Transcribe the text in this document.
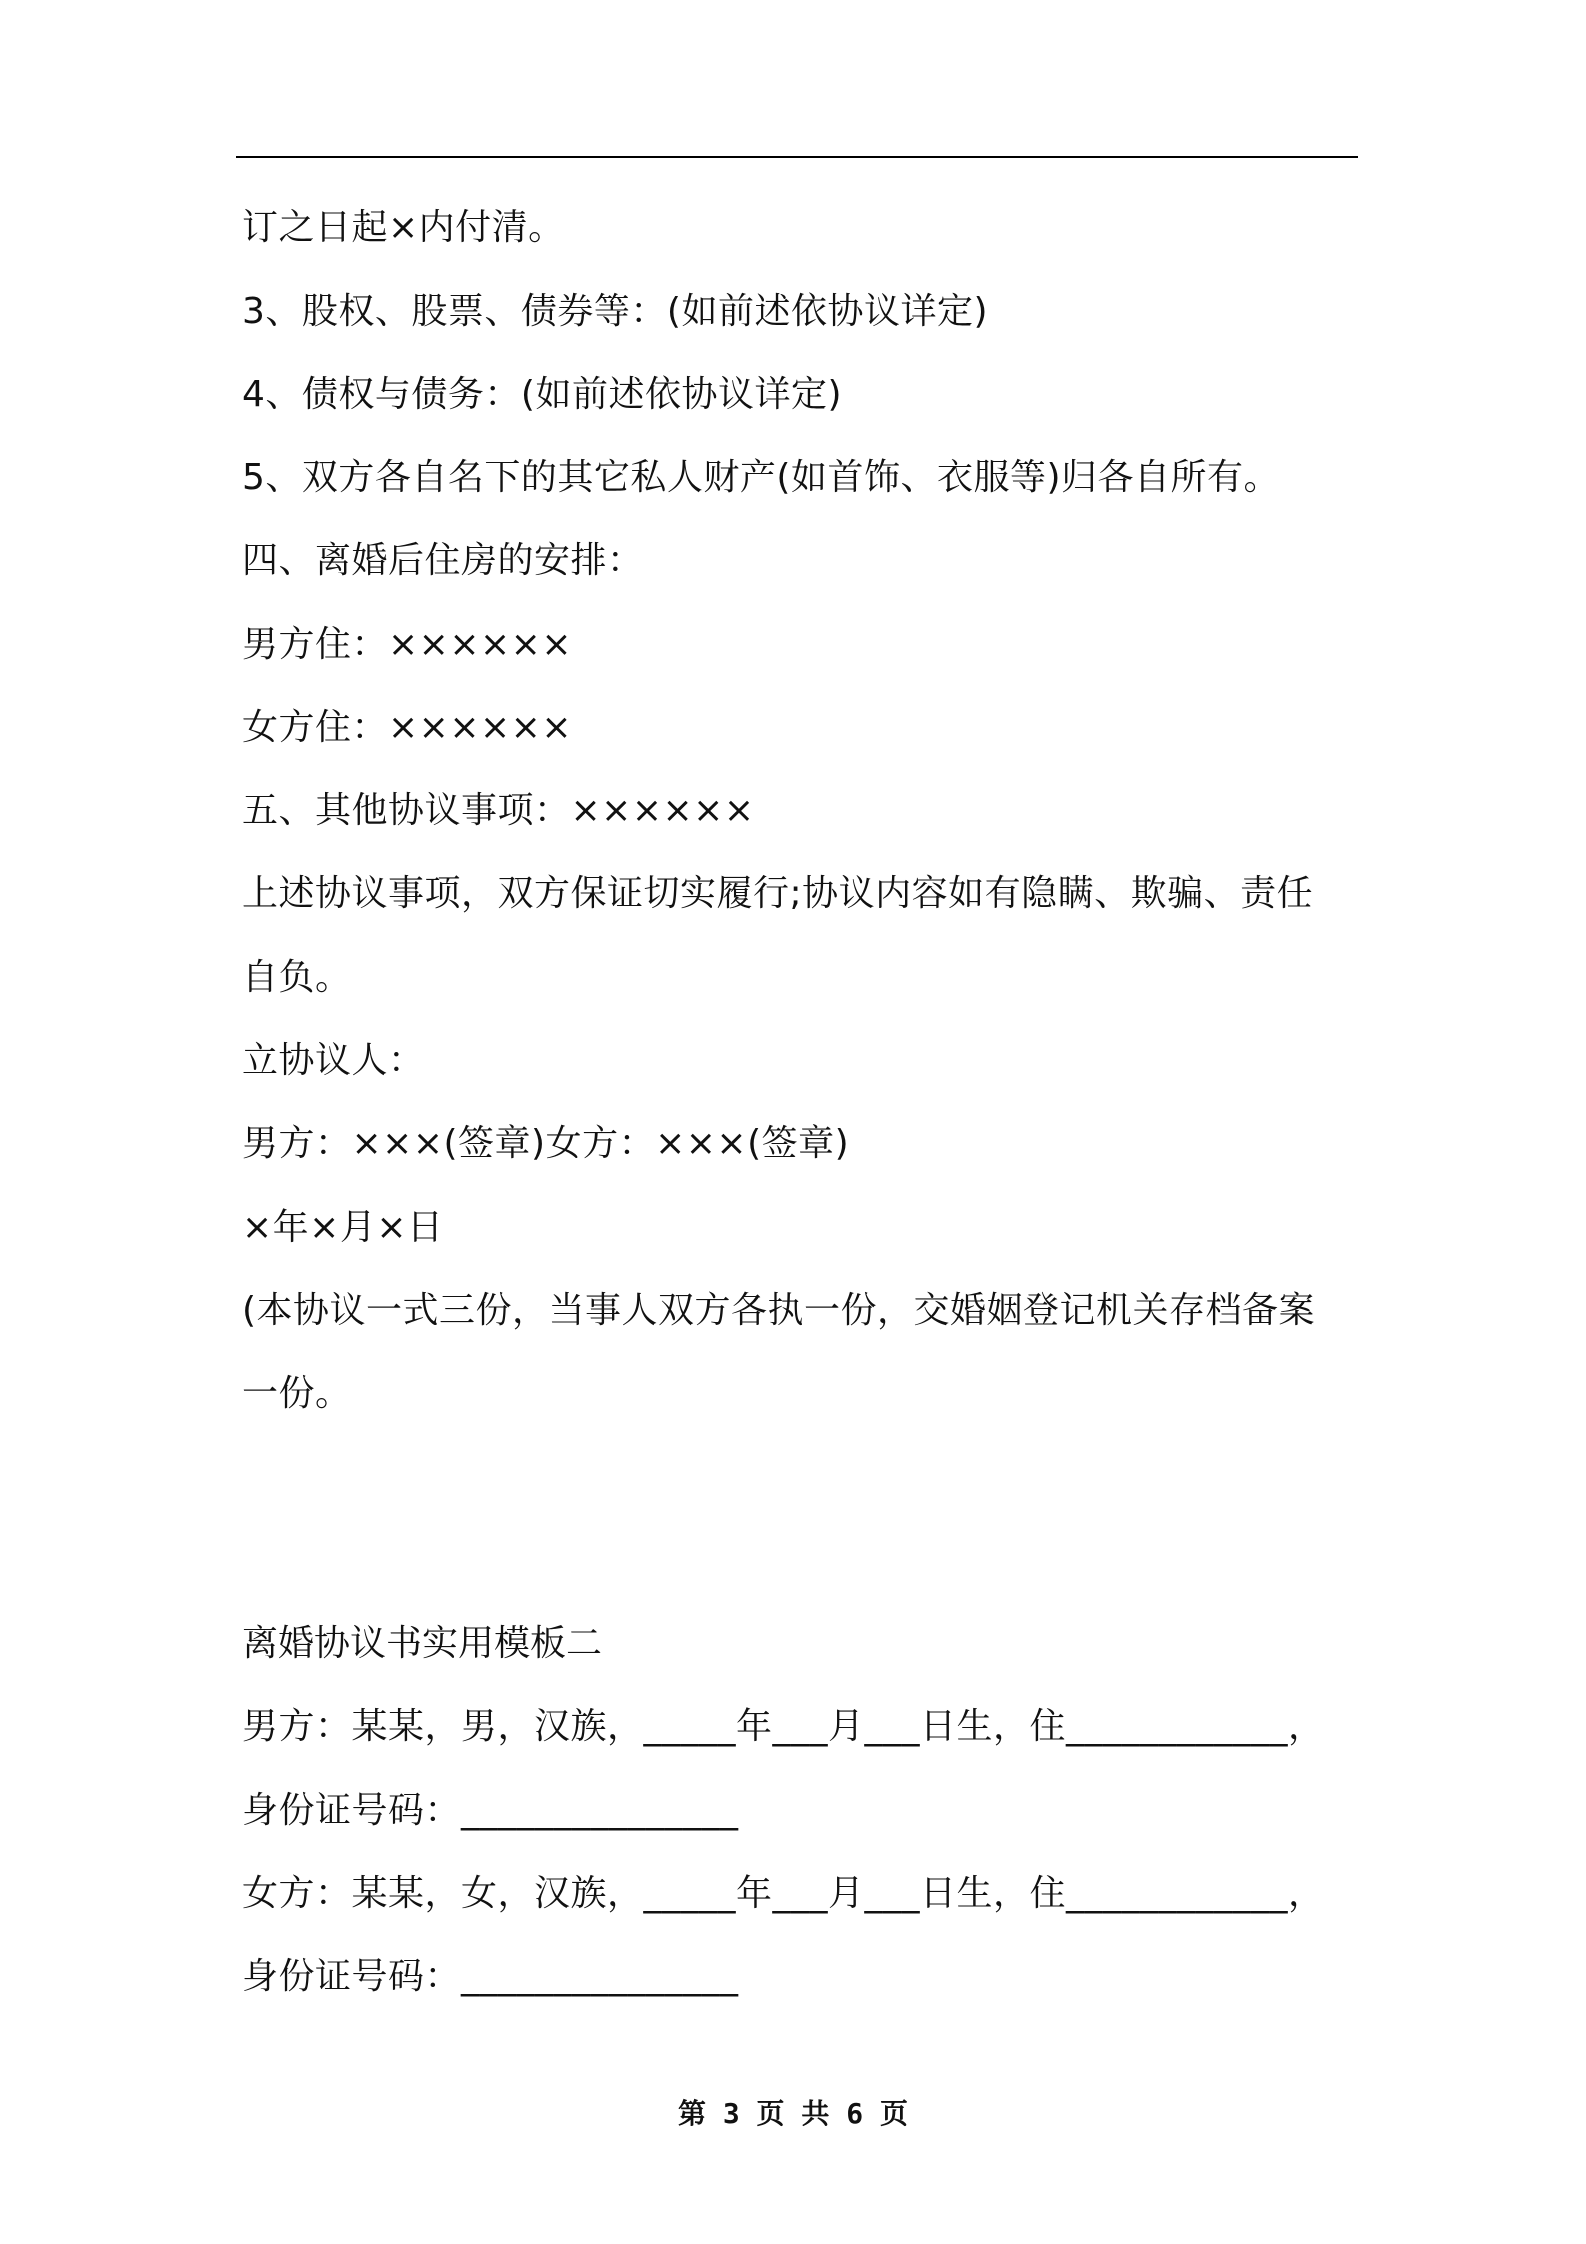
订之日起×内付清。
3、股权、股票、债券等：(如前述依协议详定)
4、债权与债务：(如前述依协议详定)
5、双方各自名下的其它私人财产(如首饰、衣服等)归各自所有。
四、离婚后住房的安排：
男方住：××××××
女方住：××××××
五、其他协议事项：××××××
上述协议事项，双方保证切实履行;协议内容如有隐瞒、欺骗、责任
自负。
立协议人：
男方：×××(签章)女方：×××(签章)
×年×月×日
(本协议一式三份，当事人双方各执一份，交婚姻登记机关存档备案
一份。
离婚协议书实用模板二
男方：某某，男，汉族，_____年___月___日生，住____________，
身份证号码：_______________
女方：某某，女，汉族，_____年___月___日生，住____________，
身份证号码：_______________
第 3 页 共 6 页
